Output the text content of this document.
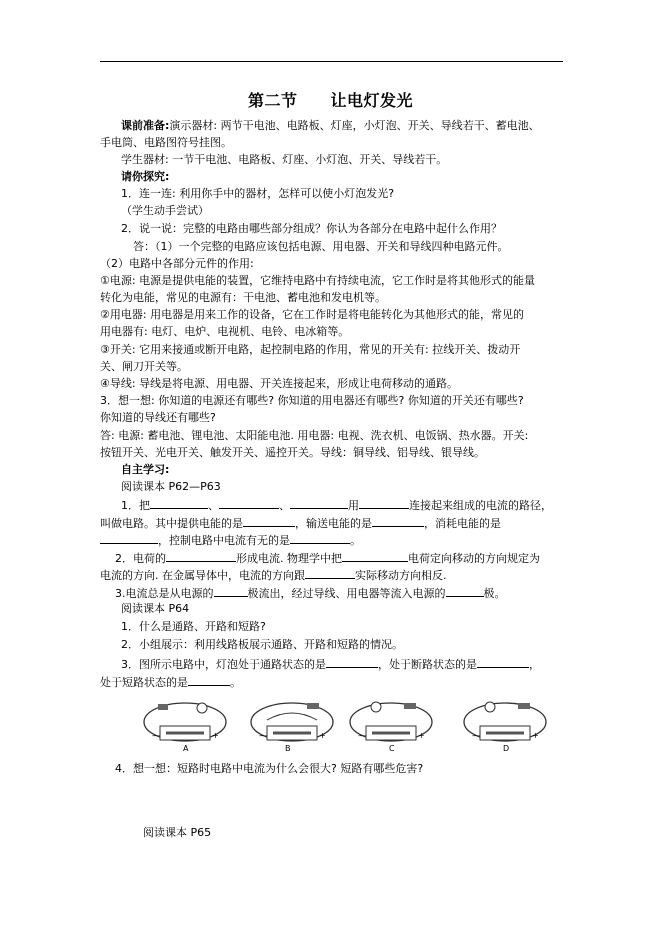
第二节　　让电灯发光
课前准备:演示器材: 两节干电池、电路板、灯座，小灯泡、开关、导线若干、蓄电池、
手电筒、电路图符号挂图。
学生器材: 一节干电池、电路板、灯座、小灯泡、开关、导线若干。
请你探究:
1．连一连: 利用你手中的器材，怎样可以使小灯泡发光?
（学生动手尝试）
2．说一说：完整的电路由哪些部分组成？你认为各部分在电路中起什么作用？
答：（1）一个完整的电路应该包括电源、用电器、开关和导线四种电路元件。
（2）电路中各部分元件的作用:
①电源: 电源是提供电能的装置，它维持电路中有持续电流，它工作时是将其他形式的能量
转化为电能，常见的电源有：干电池、蓄电池和发电机等。
②用电器: 用电器是用来工作的设备，它在工作时是将电能转化为其他形式的能，常见的
用电器有: 电灯、电炉、电视机、电铃、电冰箱等。
③开关: 它用来接通或断开电路，起控制电路的作用，常见的开关有: 拉线开关、拨动开
关、闸刀开关等。
④导线: 导线是将电源、用电器、开关连接起来，形成让电荷移动的通路。
3．想一想: 你知道的电源还有哪些? 你知道的用电器还有哪些? 你知道的开关还有哪些?
你知道的导线还有哪些?
答: 电源: 蓄电池、锂电池、太阳能电池. 用电器: 电视、洗衣机、电饭锅、热水器。开关:
按钮开关、光电开关、触发开关、遥控开关。导线：铜导线、铝导线、银导线。
自主学习:
阅读课本 P62—P63
1．把	、	、	用	连接起来组成的电流的路径，
叫做电路。其中提供电能的是	，输送电能的是	，消耗电能的是
，控制电路中电流有无的是	。
2．电荷的	形成电流. 物理学中把	电荷定向移动的方向规定为
电流的方向. 在金属导体中，电流的方向跟	实际移动方向相反.
3.电流总是从电源的	极流出，经过导线、用电器等流入电源的	极。
阅读课本 P64
1．什么是通路、开路和短路?
2．小组展示：利用线路板展示通路、开路和短路的情况。
3．图所示电路中，灯泡处于通路状态的是	，处于断路状态的是	，
处于短路状态的是	。
—	+
A
—	+
B
—	+
C
—	+
D
4．想一想：短路时电路中电流为什么会很大? 短路有哪些危害?
阅读课本 P65
